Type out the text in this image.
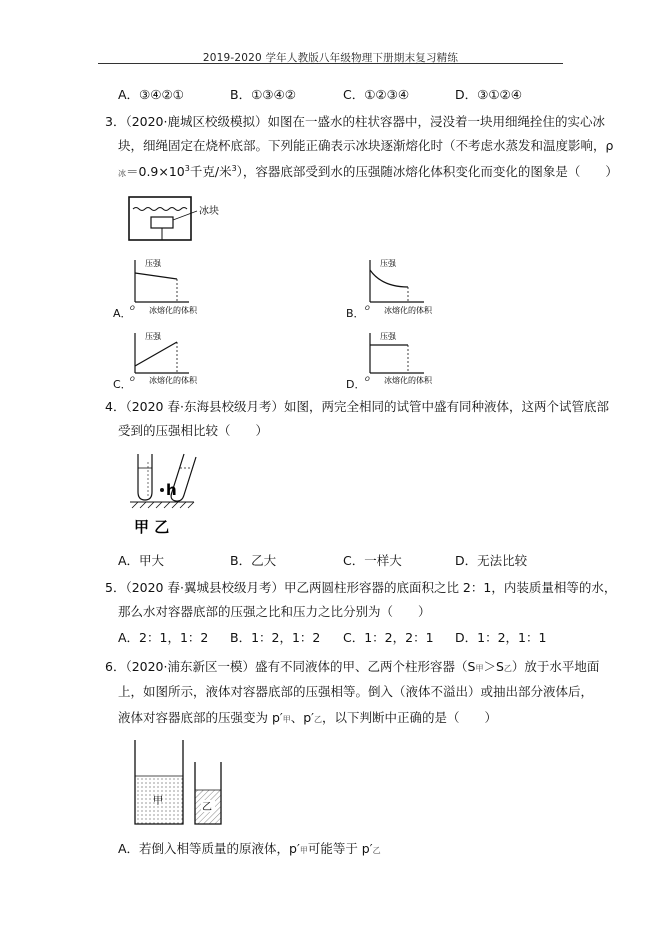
2019-2020 学年人教版八年级物理下册期末复习精练
A．③④②①	B．①③④②	C．①②③④	D．③①②④
3．（2020·鹿城区校级模拟）如图在一盛水的柱状容器中，浸没着一块用细绳拴住的实心冰
块，细绳固定在烧杯底部。下列能正确表示冰块逐渐熔化时（不考虑水蒸发和温度影响，ρ
冰$=0.9\times 10^3$千克/米$^3$），容器底部受到水的压强随冰熔化体积变化而变化的图象是（　　）
冰块
压强
O 冰熔化的体积
A．
压强
O 冰熔化的体积
B．
压强
O 冰熔化的体积
C．
压强
O 冰熔化的体积
D．
4．（2020 春·东海县校级月考）如图，两完全相同的试管中盛有同种液体，这两个试管底部
受到的压强相比较（　　）
h
甲 乙
A．甲大	B．乙大	C．一样大	D．无法比较
5．（2020 春·翼城县校级月考）甲乙两圆柱形容器的底面积之比 2：1，内装质量相等的水，
那么水对容器底部的压强之比和压力之比分别为（　　）
A．2：1，1：2 B．1：2，1：2 C．1：2，2：1 D．1：2，1：1
6．（2020·浦东新区一模）盛有不同液体的甲、乙两个柱形容器（S甲＞S乙）放于水平地面
上，如图所示，液体对容器底部的压强相等。倒入（液体不溢出）或抽出部分液体后，
液体对容器底部的压强变为 p′甲、p′乙，以下判断中正确的是（　　）
甲
乙
A．若倒入相等质量的原液体，p′甲可能等于 p′乙
